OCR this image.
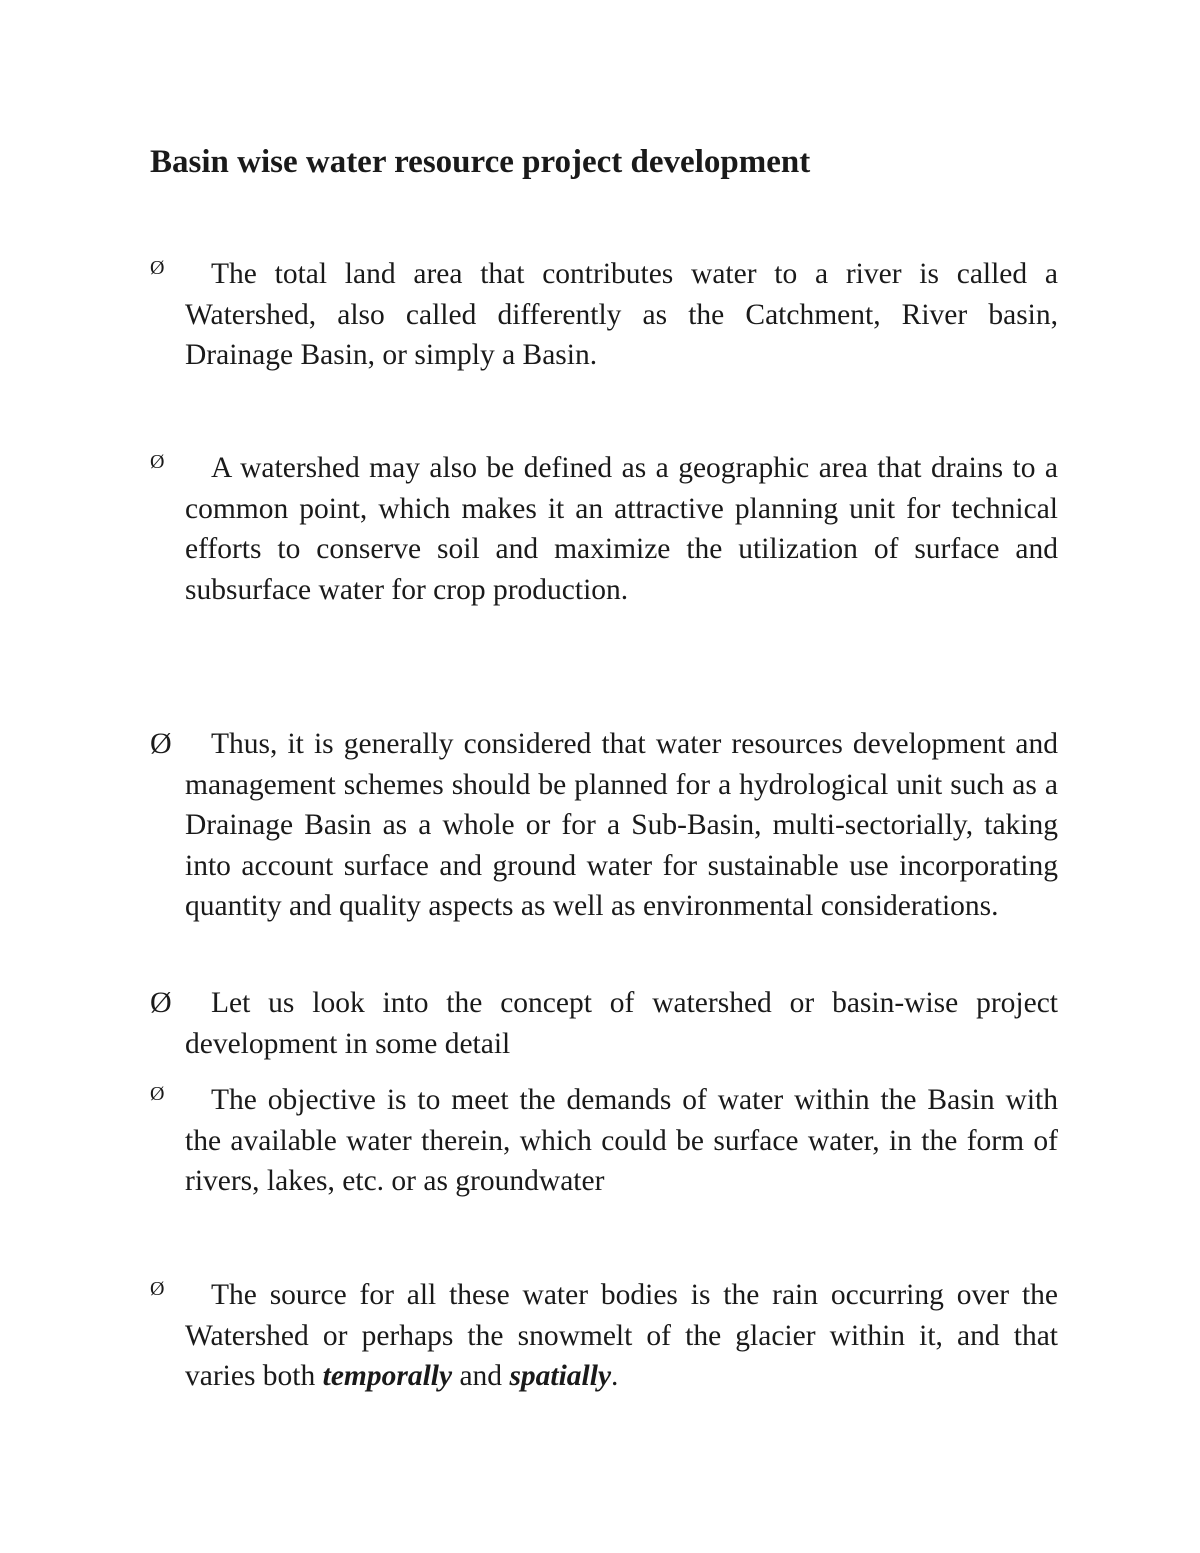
Basin wise water resource project development
Ø	The total land area that contributes water to a river is called a Watershed, also called differently as the Catchment, River basin, Drainage Basin, or simply a Basin.

Ø	A watershed may also be defined as a geographic area that drains to a common point, which makes it an attractive planning unit for technical efforts to conserve soil and maximize the utilization of surface and subsurface water for crop production.

Ø	Thus, it is generally considered that water resources development and management schemes should be planned for a hydrological unit such as a Drainage Basin as a whole or for a Sub-Basin, multi-sectorially, taking into account surface and ground water for sustainable use incorporating quantity and quality aspects as well as environmental considerations.

Ø	Let us look into the concept of watershed or basin-wise project development in some detail

Ø	The objective is to meet the demands of water within the Basin with the available water therein, which could be surface water, in the form of rivers, lakes, etc. or as groundwater

Ø	The source for all these water bodies is the rain occurring over the Watershed or perhaps the snowmelt of the glacier within it, and that varies both temporally and spatially.
